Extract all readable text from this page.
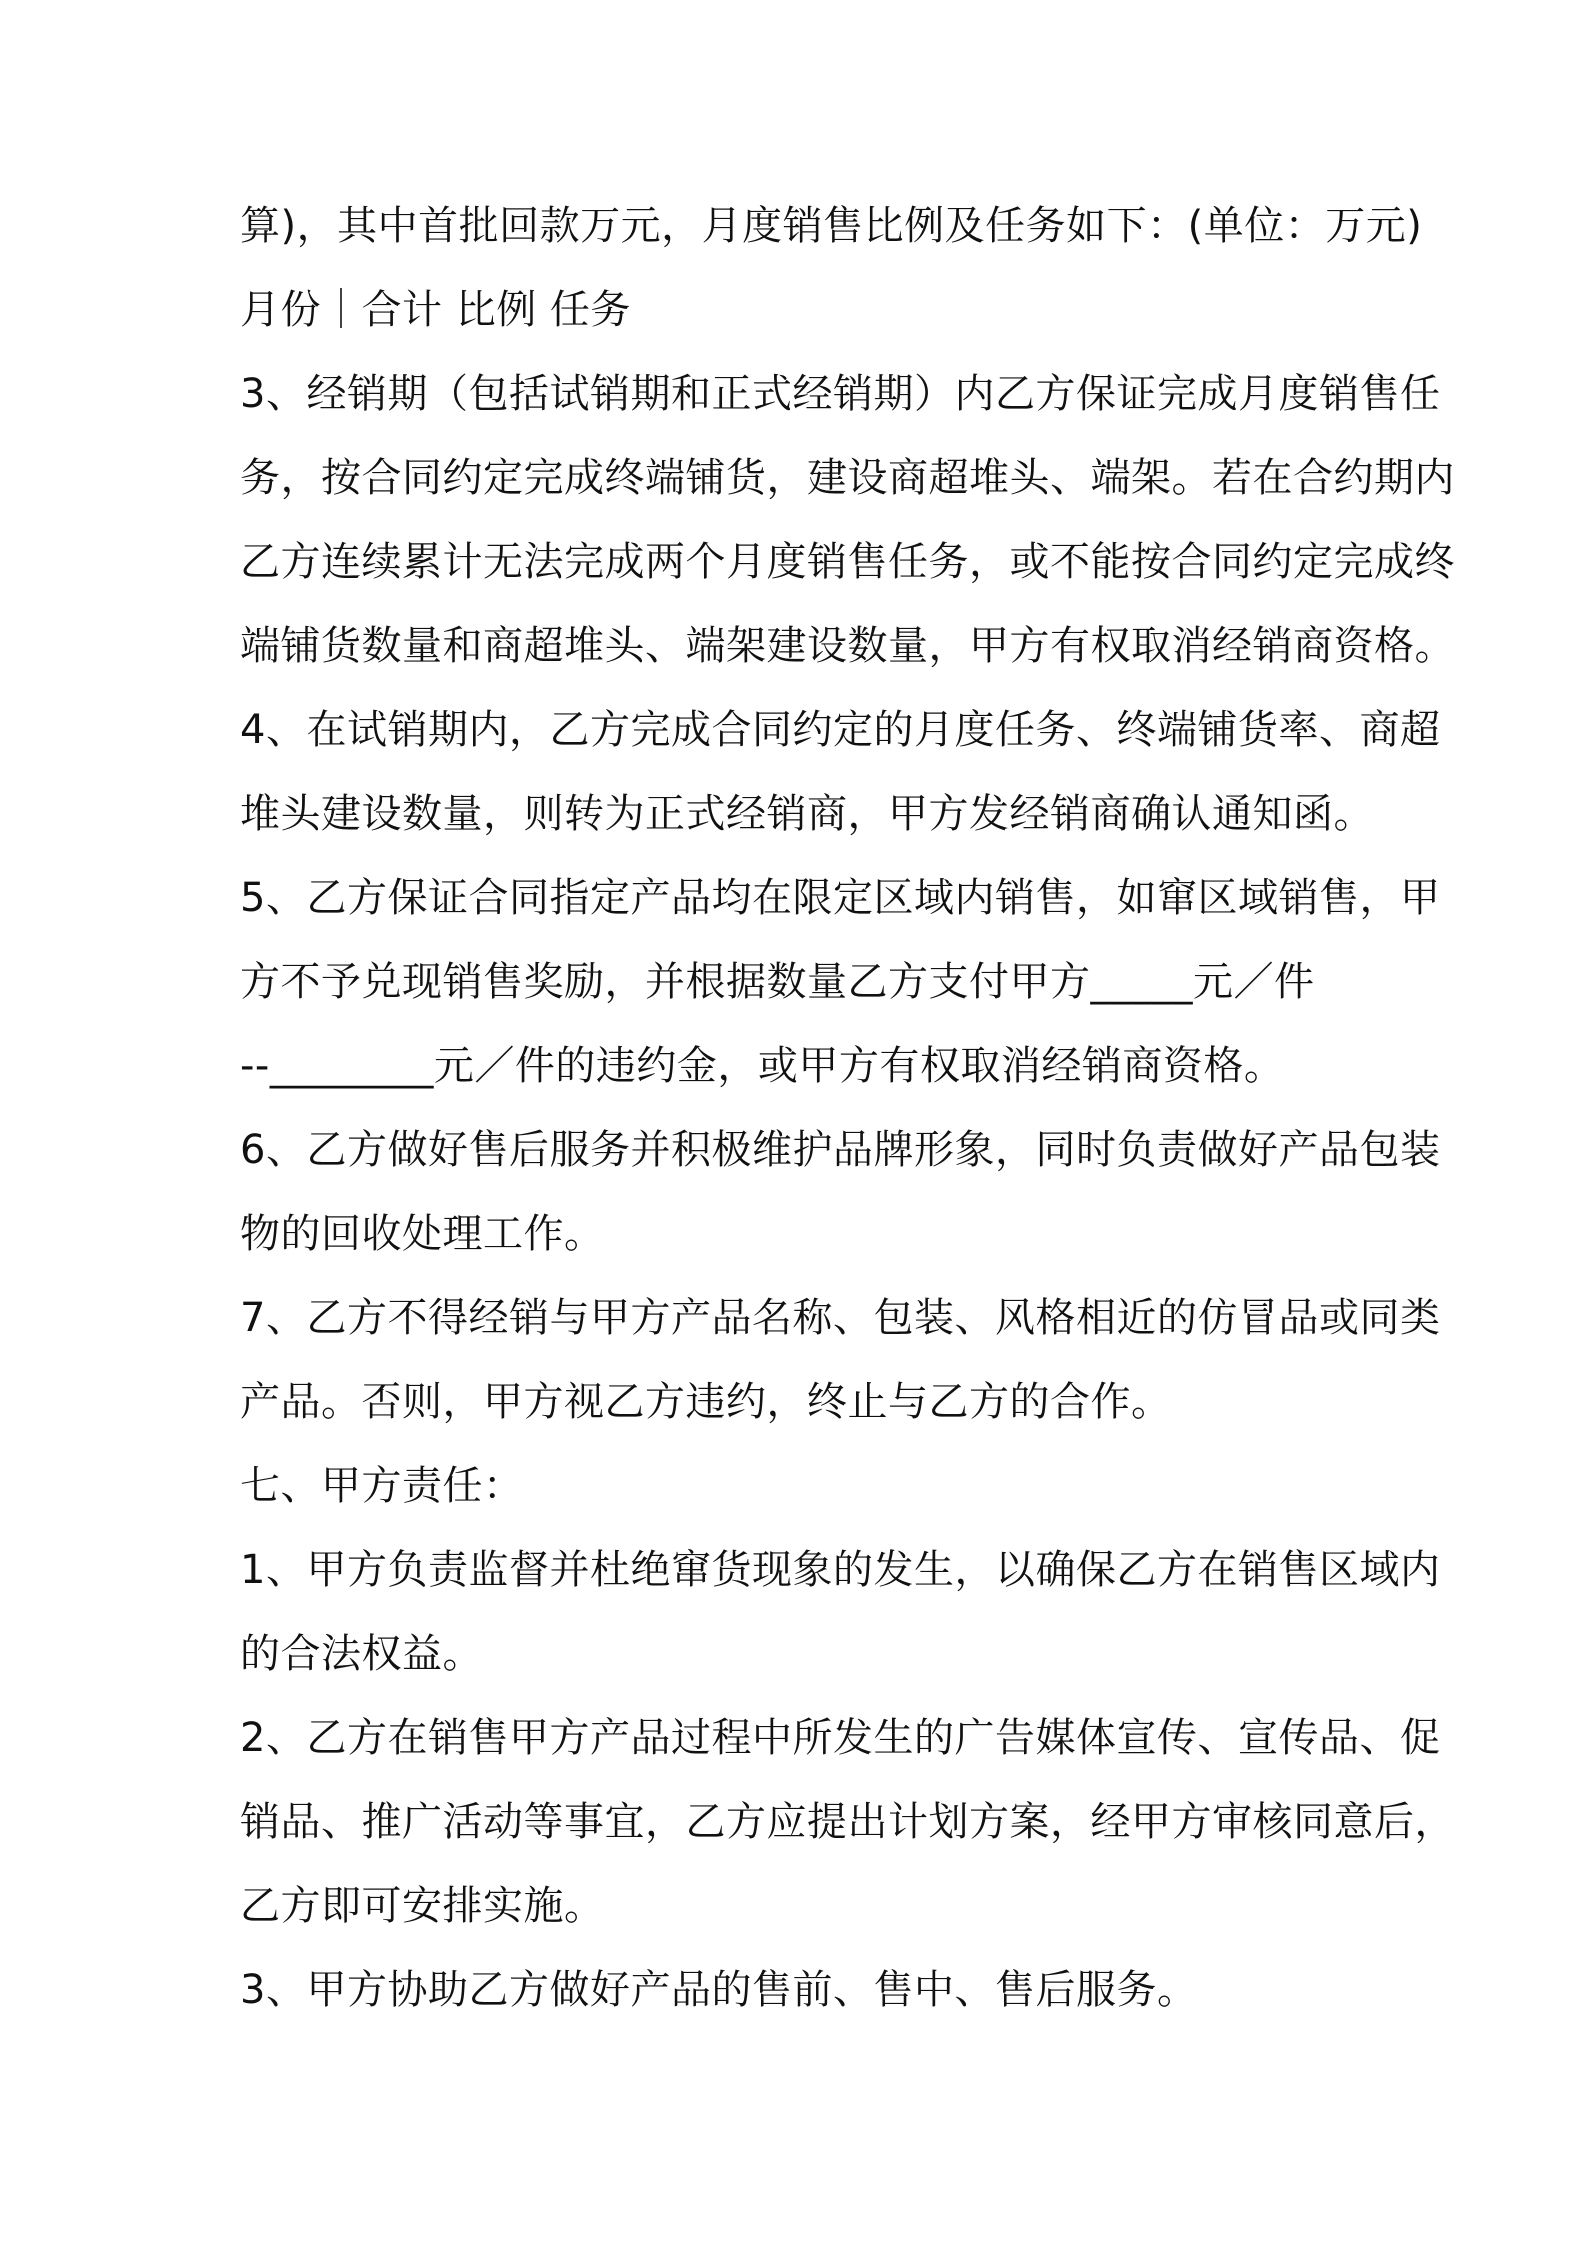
算)，其中首批回款万元，月度销售比例及任务如下：(单位：万元)
月份｜合计 比例 任务
3、经销期（包括试销期和正式经销期）内乙方保证完成月度销售任
务，按合同约定完成终端铺货，建设商超堆头、端架。若在合约期内
乙方连续累计无法完成两个月度销售任务，或不能按合同约定完成终
端铺货数量和商超堆头、端架建设数量，甲方有权取消经销商资格。
4、在试销期内，乙方完成合同约定的月度任务、终端铺货率、商超
堆头建设数量，则转为正式经销商，甲方发经销商确认通知函。
5、乙方保证合同指定产品均在限定区域内销售，如窜区域销售，甲
方不予兑现销售奖励，并根据数量乙方支付甲方_____元／件
--________元／件的违约金，或甲方有权取消经销商资格。
6、乙方做好售后服务并积极维护品牌形象，同时负责做好产品包装
物的回收处理工作。
7、乙方不得经销与甲方产品名称、包装、风格相近的仿冒品或同类
产品。否则，甲方视乙方违约，终止与乙方的合作。
七、甲方责任：
1、甲方负责监督并杜绝窜货现象的发生，以确保乙方在销售区域内
的合法权益。
2、乙方在销售甲方产品过程中所发生的广告媒体宣传、宣传品、促
销品、推广活动等事宜，乙方应提出计划方案，经甲方审核同意后，
乙方即可安排实施。
3、甲方协助乙方做好产品的售前、售中、售后服务。
